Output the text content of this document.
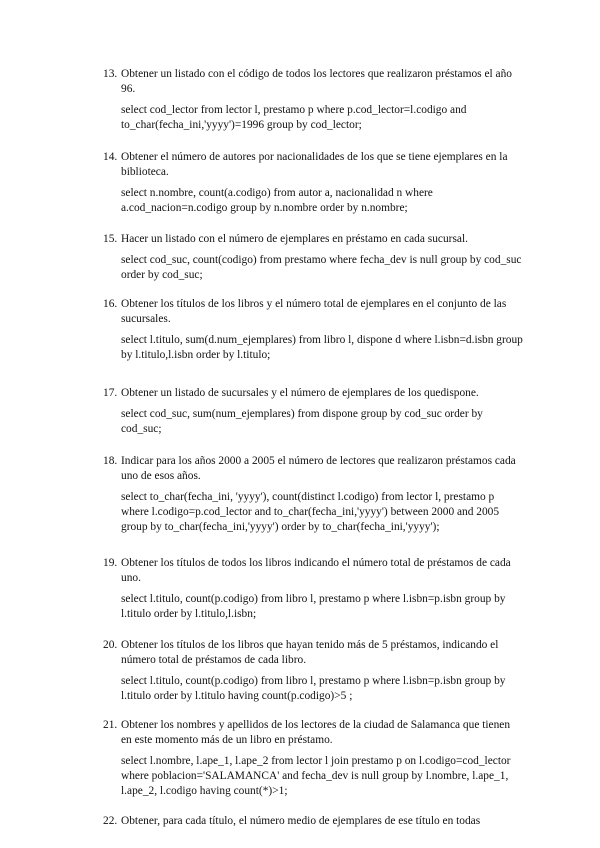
13. Obtener un listado con el código de todos los lectores que realizaron préstamos el año 96.
select cod_lector from lector l, prestamo p where p.cod_lector=l.codigo and to_char(fecha_ini,'yyyy')=1996 group by cod_lector;
14. Obtener el número de autores por nacionalidades de los que se tiene ejemplares en la biblioteca.
select n.nombre, count(a.codigo) from autor a, nacionalidad n where a.cod_nacion=n.codigo group by n.nombre order by n.nombre;
15. Hacer un listado con el número de ejemplares en préstamo en cada sucursal.
select cod_suc, count(codigo) from prestamo where fecha_dev is null group by cod_suc order by cod_suc;
16. Obtener los títulos de los libros y el número total de ejemplares en el conjunto de las sucursales.
select l.titulo, sum(d.num_ejemplares) from libro l, dispone d where l.isbn=d.isbn group by l.titulo,l.isbn order by l.titulo;
17. Obtener un listado de sucursales y el número de ejemplares de los quedispone.
select cod_suc, sum(num_ejemplares) from dispone group by cod_suc order by cod_suc;
18. Indicar para los años 2000 a 2005 el número de lectores que realizaron préstamos cada uno de esos años.
select to_char(fecha_ini, 'yyyy'), count(distinct l.codigo) from lector l, prestamo p where l.codigo=p.cod_lector and to_char(fecha_ini,'yyyy') between 2000 and 2005 group by to_char(fecha_ini,'yyyy') order by to_char(fecha_ini,'yyyy');
19. Obtener los títulos de todos los libros indicando el número total de préstamos de cada uno.
select l.titulo, count(p.codigo) from libro l, prestamo p where l.isbn=p.isbn group by l.titulo order by l.titulo,l.isbn;
20. Obtener los títulos de los libros que hayan tenido más de 5 préstamos, indicando el número total de préstamos de cada libro.
select l.titulo, count(p.codigo) from libro l, prestamo p where l.isbn=p.isbn group by l.titulo order by l.titulo having count(p.codigo)>5 ;
21. Obtener los nombres y apellidos de los lectores de la ciudad de Salamanca que tienen en este momento más de un libro en préstamo.
select l.nombre, l.ape_1, l.ape_2 from lector l join prestamo p on l.codigo=cod_lector where poblacion='SALAMANCA' and fecha_dev is null group by l.nombre, l.ape_1, l.ape_2, l.codigo having count(*)>1;
22. Obtener, para cada título, el número medio de ejemplares de ese título en todas
